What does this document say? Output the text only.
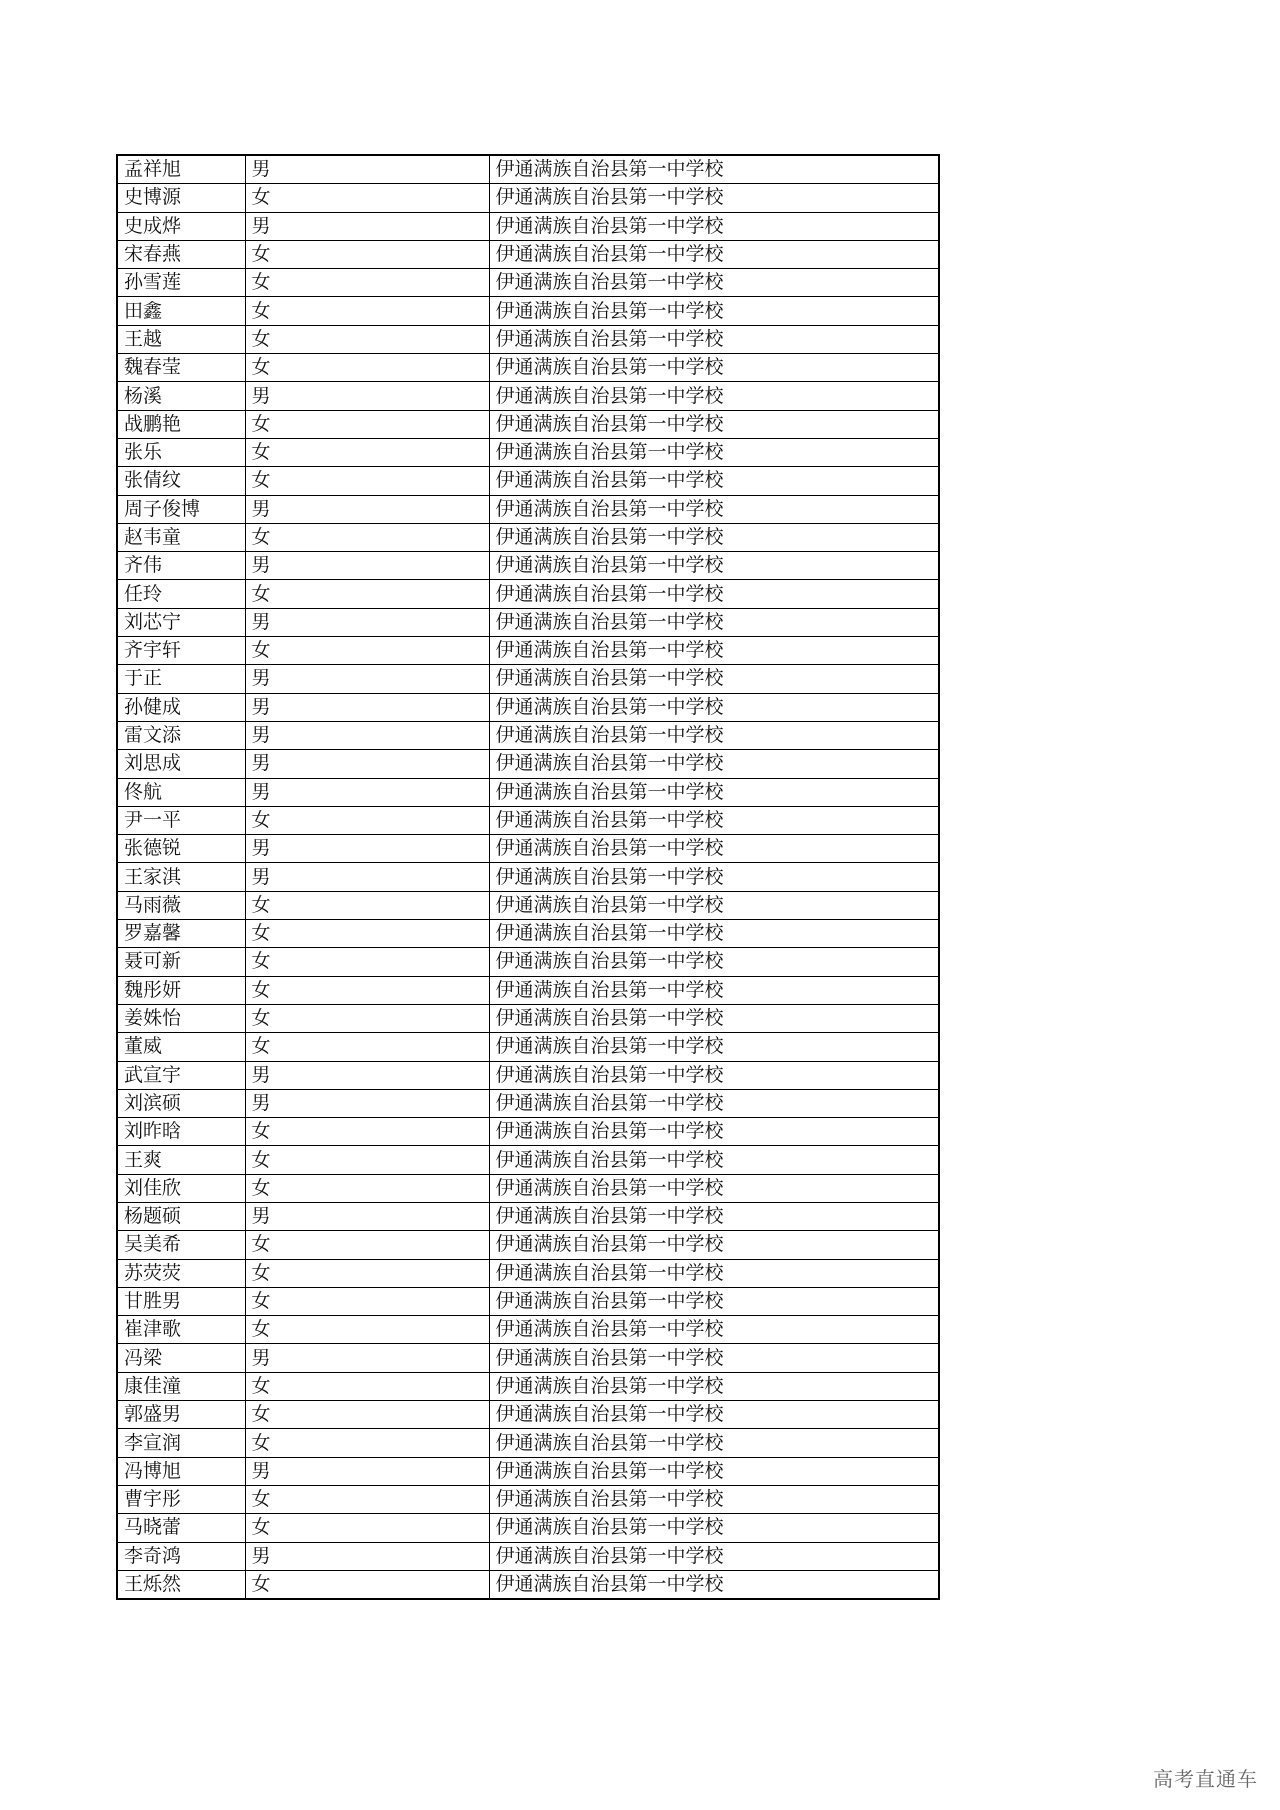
孟祥旭	男	伊通满族自治县第一中学校
史博源	女	伊通满族自治县第一中学校
史成烨	男	伊通满族自治县第一中学校
宋春燕	女	伊通满族自治县第一中学校
孙雪莲	女	伊通满族自治县第一中学校
田鑫	女	伊通满族自治县第一中学校
王越	女	伊通满族自治县第一中学校
魏春莹	女	伊通满族自治县第一中学校
杨溪	男	伊通满族自治县第一中学校
战鹏艳	女	伊通满族自治县第一中学校
张乐	女	伊通满族自治县第一中学校
张倩纹	女	伊通满族自治县第一中学校
周子俊博	男	伊通满族自治县第一中学校
赵韦童	女	伊通满族自治县第一中学校
齐伟	男	伊通满族自治县第一中学校
任玲	女	伊通满族自治县第一中学校
刘芯宁	男	伊通满族自治县第一中学校
齐宇轩	女	伊通满族自治县第一中学校
于正	男	伊通满族自治县第一中学校
孙健成	男	伊通满族自治县第一中学校
雷文添	男	伊通满族自治县第一中学校
刘思成	男	伊通满族自治县第一中学校
佟航	男	伊通满族自治县第一中学校
尹一平	女	伊通满族自治县第一中学校
张德锐	男	伊通满族自治县第一中学校
王家淇	男	伊通满族自治县第一中学校
马雨薇	女	伊通满族自治县第一中学校
罗嘉馨	女	伊通满族自治县第一中学校
聂可新	女	伊通满族自治县第一中学校
魏彤妍	女	伊通满族自治县第一中学校
姜姝怡	女	伊通满族自治县第一中学校
董威	女	伊通满族自治县第一中学校
武宣宇	男	伊通满族自治县第一中学校
刘滨硕	男	伊通满族自治县第一中学校
刘昨晗	女	伊通满族自治县第一中学校
王爽	女	伊通满族自治县第一中学校
刘佳欣	女	伊通满族自治县第一中学校
杨题硕	男	伊通满族自治县第一中学校
吴美希	女	伊通满族自治县第一中学校
苏荧荧	女	伊通满族自治县第一中学校
甘胜男	女	伊通满族自治县第一中学校
崔津歌	女	伊通满族自治县第一中学校
冯梁	男	伊通满族自治县第一中学校
康佳潼	女	伊通满族自治县第一中学校
郭盛男	女	伊通满族自治县第一中学校
李宣润	女	伊通满族自治县第一中学校
冯博旭	男	伊通满族自治县第一中学校
曹宇彤	女	伊通满族自治县第一中学校
马晓蕾	女	伊通满族自治县第一中学校
李奇鸿	男	伊通满族自治县第一中学校
王烁然	女	伊通满族自治县第一中学校
高考直通车
